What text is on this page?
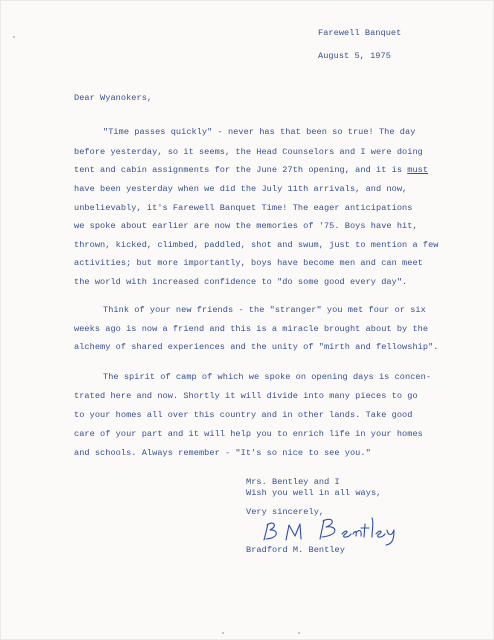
Farewell Banquet
August 5, 1975
Dear Wyanokers,
"Time passes quickly" - never has that been so true! The day
before yesterday, so it seems, the Head Counselors and I were doing
tent and cabin assignments for the June 27th opening, and it is must
have been yesterday when we did the July 11th arrivals, and now,
unbelievably, it's Farewell Banquet Time! The eager anticipations
we spoke about earlier are now the memories of '75. Boys have hit,
thrown, kicked, climbed, paddled, shot and swum, just to mention a few
activities; but more importantly, boys have become men and can meet
the world with increased confidence to "do some good every day".
Think of your new friends - the "stranger" you met four or six
weeks ago is now a friend and this is a miracle brought about by the
alchemy of shared experiences and the unity of "mirth and fellowship".
The spirit of camp of which we spoke on opening days is concen-
trated here and now. Shortly it will divide into many pieces to go
to your homes all over this country and in other lands. Take good
care of your part and it will help you to enrich life in your homes
and schools. Always remember - "It's so nice to see you."
Mrs. Bentley and I
Wish you well in all ways,
Very sincerely,
Bradford M. Bentley
